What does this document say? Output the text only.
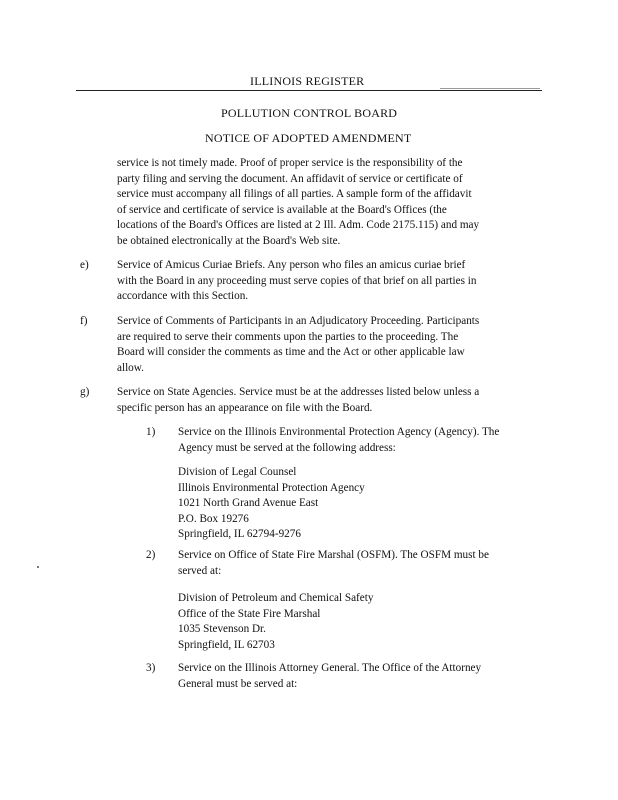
ILLINOIS REGISTER
POLLUTION CONTROL BOARD
NOTICE OF ADOPTED AMENDMENT
service is not timely made. Proof of proper service is the responsibility of the
party filing and serving the document. An affidavit of service or certificate of
service must accompany all filings of all parties. A sample form of the affidavit
of service and certificate of service is available at the Board's Offices (the
locations of the Board's Offices are listed at 2 Ill. Adm. Code 2175.115) and may
be obtained electronically at the Board's Web site.
e)	Service of Amicus Curiae Briefs. Any person who files an amicus curiae brief
with the Board in any proceeding must serve copies of that brief on all parties in
accordance with this Section.
f)	Service of Comments of Participants in an Adjudicatory Proceeding. Participants
are required to serve their comments upon the parties to the proceeding. The
Board will consider the comments as time and the Act or other applicable law
allow.
g) Service on State Agencies. Service must be at the addresses listed below unless a
specific person has an appearance on file with the Board.
1) Service on the Illinois Environmental Protection Agency (Agency). The
Agency must be served at the following address:
Division of Legal Counsel
Illinois Environmental Protection Agency
1021 North Grand Avenue East
P.O. Box 19276
Springfield, IL 62794-9276
2) Service on Office of State Fire Marshal (OSFM). The OSFM must be
served at:
Division of Petroleum and Chemical Safety
Office of the State Fire Marshal
1035 Stevenson Dr.
Springfield, IL 62703
3) Service on the Illinois Attorney General. The Office of the Attorney
General must be served at:
